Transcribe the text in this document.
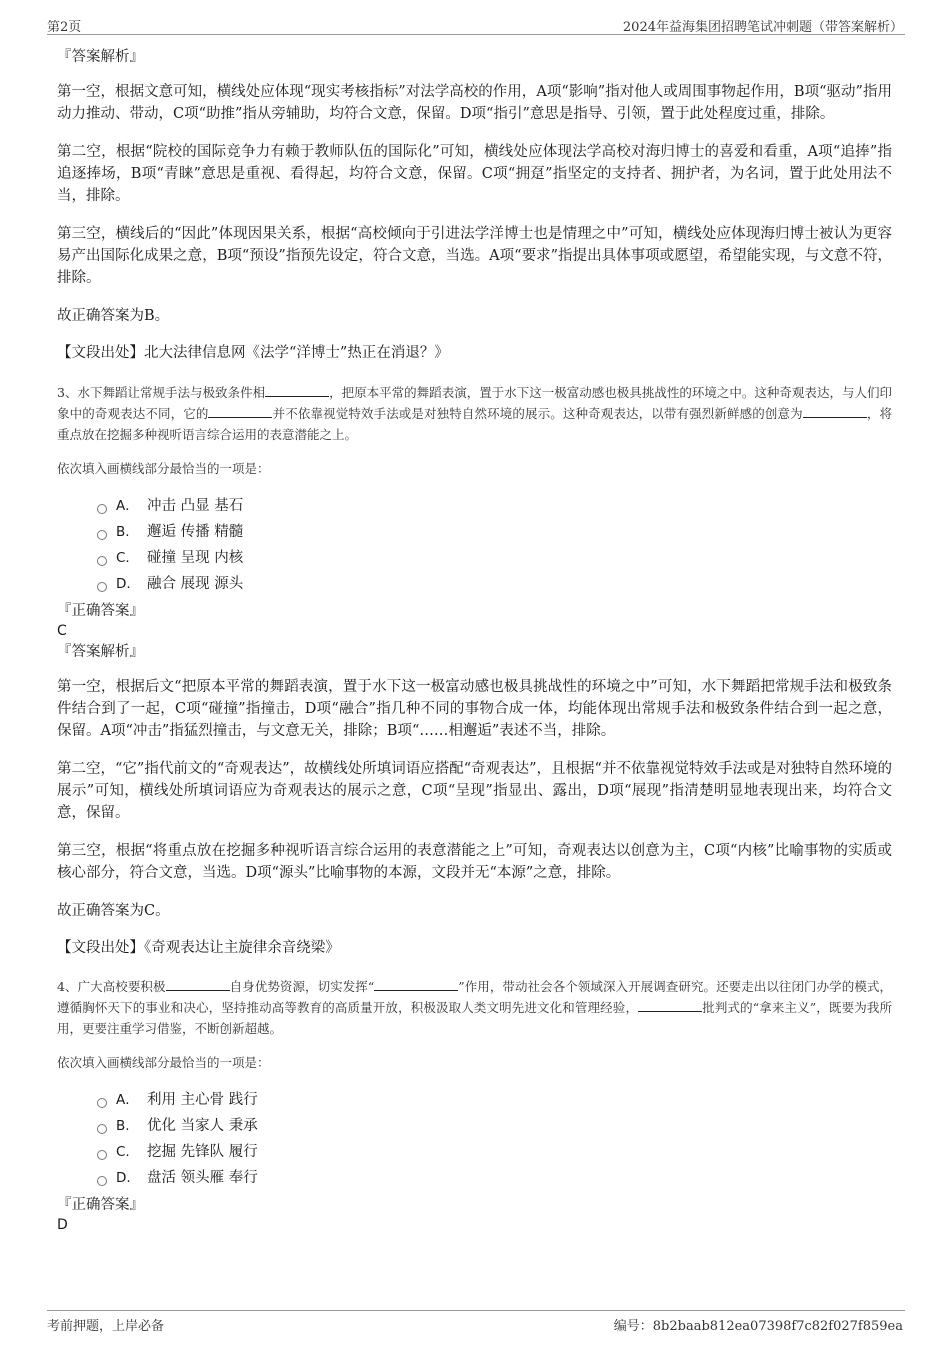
第2页	2024年益海集团招聘笔试冲刺题（带答案解析）

『答案解析』

第一空，根据文意可知，横线处应体现“现实考核指标”对法学高校的作用，A项“影响”指对他人或周围事物起作用，B项“驱动”指用动力推动、带动，C项“助推”指从旁辅助，均符合文意，保留。D项“指引”意思是指导、引领，置于此处程度过重，排除。

第二空，根据“院校的国际竞争力有赖于教师队伍的国际化”可知，横线处应体现法学高校对海归博士的喜爱和看重，A项“追捧”指追逐捧场，B项“青睐”意思是重视、看得起，均符合文意，保留。C项“拥趸”指坚定的支持者、拥护者，为名词，置于此处用法不当，排除。

第三空，横线后的“因此”体现因果关系，根据“高校倾向于引进法学洋博士也是情理之中”可知，横线处应体现海归博士被认为更容易产出国际化成果之意，B项“预设”指预先设定，符合文意，当选。A项“要求”指提出具体事项或愿望，希望能实现，与文意不符，排除。

故正确答案为B。

【文段出处】北大法律信息网《法学“洋博士”热正在消退？》

3、水下舞蹈让常规手法与极致条件相	，把原本平常的舞蹈表演，置于水下这一极富动感也极具挑战性的环境之中。这种奇观表达，与人们印象中的奇观表达不同，它的	并不依靠视觉特效手法或是对独特自然环境的展示。这种奇观表达，以带有强烈新鲜感的创意为	，将重点放在挖掘多种视听语言综合运用的表意潜能之上。

依次填入画横线部分最恰当的一项是：

A． 冲击 凸显 基石
B.	邂逅 传播 精髓
C.	碰撞 呈现 内核
D.	融合 展现 源头

『正确答案』

C

『答案解析』

第一空，根据后文“把原本平常的舞蹈表演，置于水下这一极富动感也极具挑战性的环境之中”可知，水下舞蹈把常规手法和极致条件结合到了一起，C项“碰撞”指撞击，D项“融合”指几种不同的事物合成一体，均能体现出常规手法和极致条件结合到一起之意，保留。A项“冲击”指猛烈撞击，与文意无关，排除；B项“……相邂逅”表述不当，排除。

第二空，“它”指代前文的“奇观表达”，故横线处所填词语应搭配“奇观表达”，且根据“并不依靠视觉特效手法或是对独特自然环境的展示”可知，横线处所填词语应为奇观表达的展示之意，C项“呈现”指显出、露出，D项“展现”指清楚明显地表现出来，均符合文意，保留。

第三空，根据“将重点放在挖掘多种视听语言综合运用的表意潜能之上”可知，奇观表达以创意为主，C项“内核”比喻事物的实质或核心部分，符合文意，当选。D项“源头”比喻事物的本源，文段并无“本源”之意，排除。

故正确答案为C。

【文段出处】《奇观表达让主旋律余音绕梁》

4、广大高校要积极	自身优势资源，切实发挥“	”作用，带动社会各个领域深入开展调查研究。还要走出以往闭门办学的模式，遵循胸怀天下的事业和决心，坚持推动高等教育的高质量开放，积极汲取人类文明先进文化和管理经验，	批判式的“拿来主义”，既要为我所用，更要注重学习借鉴，不断创新超越。

依次填入画横线部分最恰当的一项是：

A． 利用 主心骨 践行
B.	优化 当家人 秉承
C.	挖掘 先锋队 履行
D.	盘活 领头雁 奉行

『正确答案』

D

考前押题，上岸必备	编号：8b2baab812ea07398f7c82f027f859ea
